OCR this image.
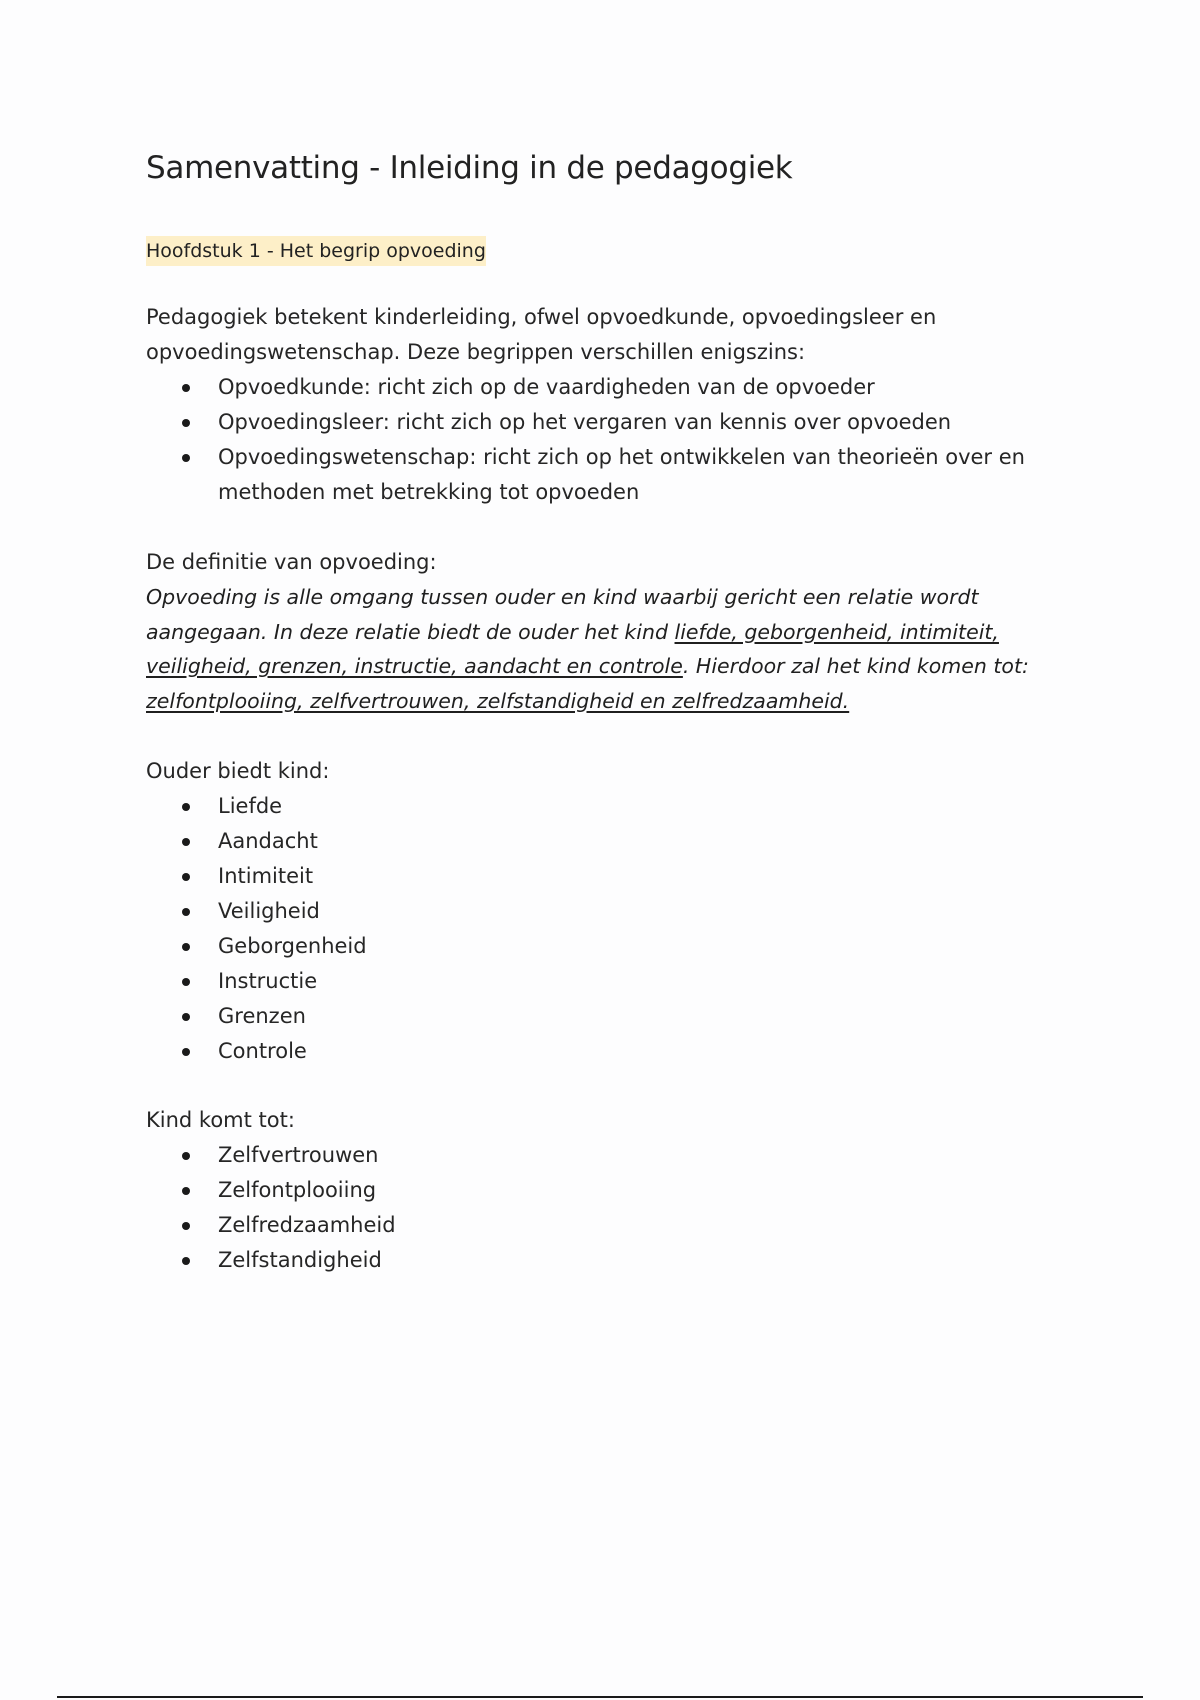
Samenvatting - Inleiding in de pedagogiek
Hoofdstuk 1 - Het begrip opvoeding

Pedagogiek betekent kinderleiding, ofwel opvoedkunde, opvoedingsleer en opvoedingswetenschap. Deze begrippen verschillen enigszins:

Opvoedkunde: richt zich op de vaardigheden van de opvoeder
Opvoedingsleer: richt zich op het vergaren van kennis over opvoeden
Opvoedingswetenschap: richt zich op het ontwikkelen van theorieën over en methoden met betrekking tot opvoeden

De definitie van opvoeding:

Opvoeding is alle omgang tussen ouder en kind waarbij gericht een relatie wordt aangegaan. In deze relatie biedt de ouder het kind liefde, geborgenheid, intimiteit, veiligheid, grenzen, instructie, aandacht en controle. Hierdoor zal het kind komen tot: zelfontplooiing, zelfvertrouwen, zelfstandigheid en zelfredzaamheid.

Ouder biedt kind:

Liefde
Aandacht
Intimiteit
Veiligheid
Geborgenheid
Instructie
Grenzen
Controle

Kind komt tot:

Zelfvertrouwen
Zelfontplooiing
Zelfredzaamheid
Zelfstandigheid
